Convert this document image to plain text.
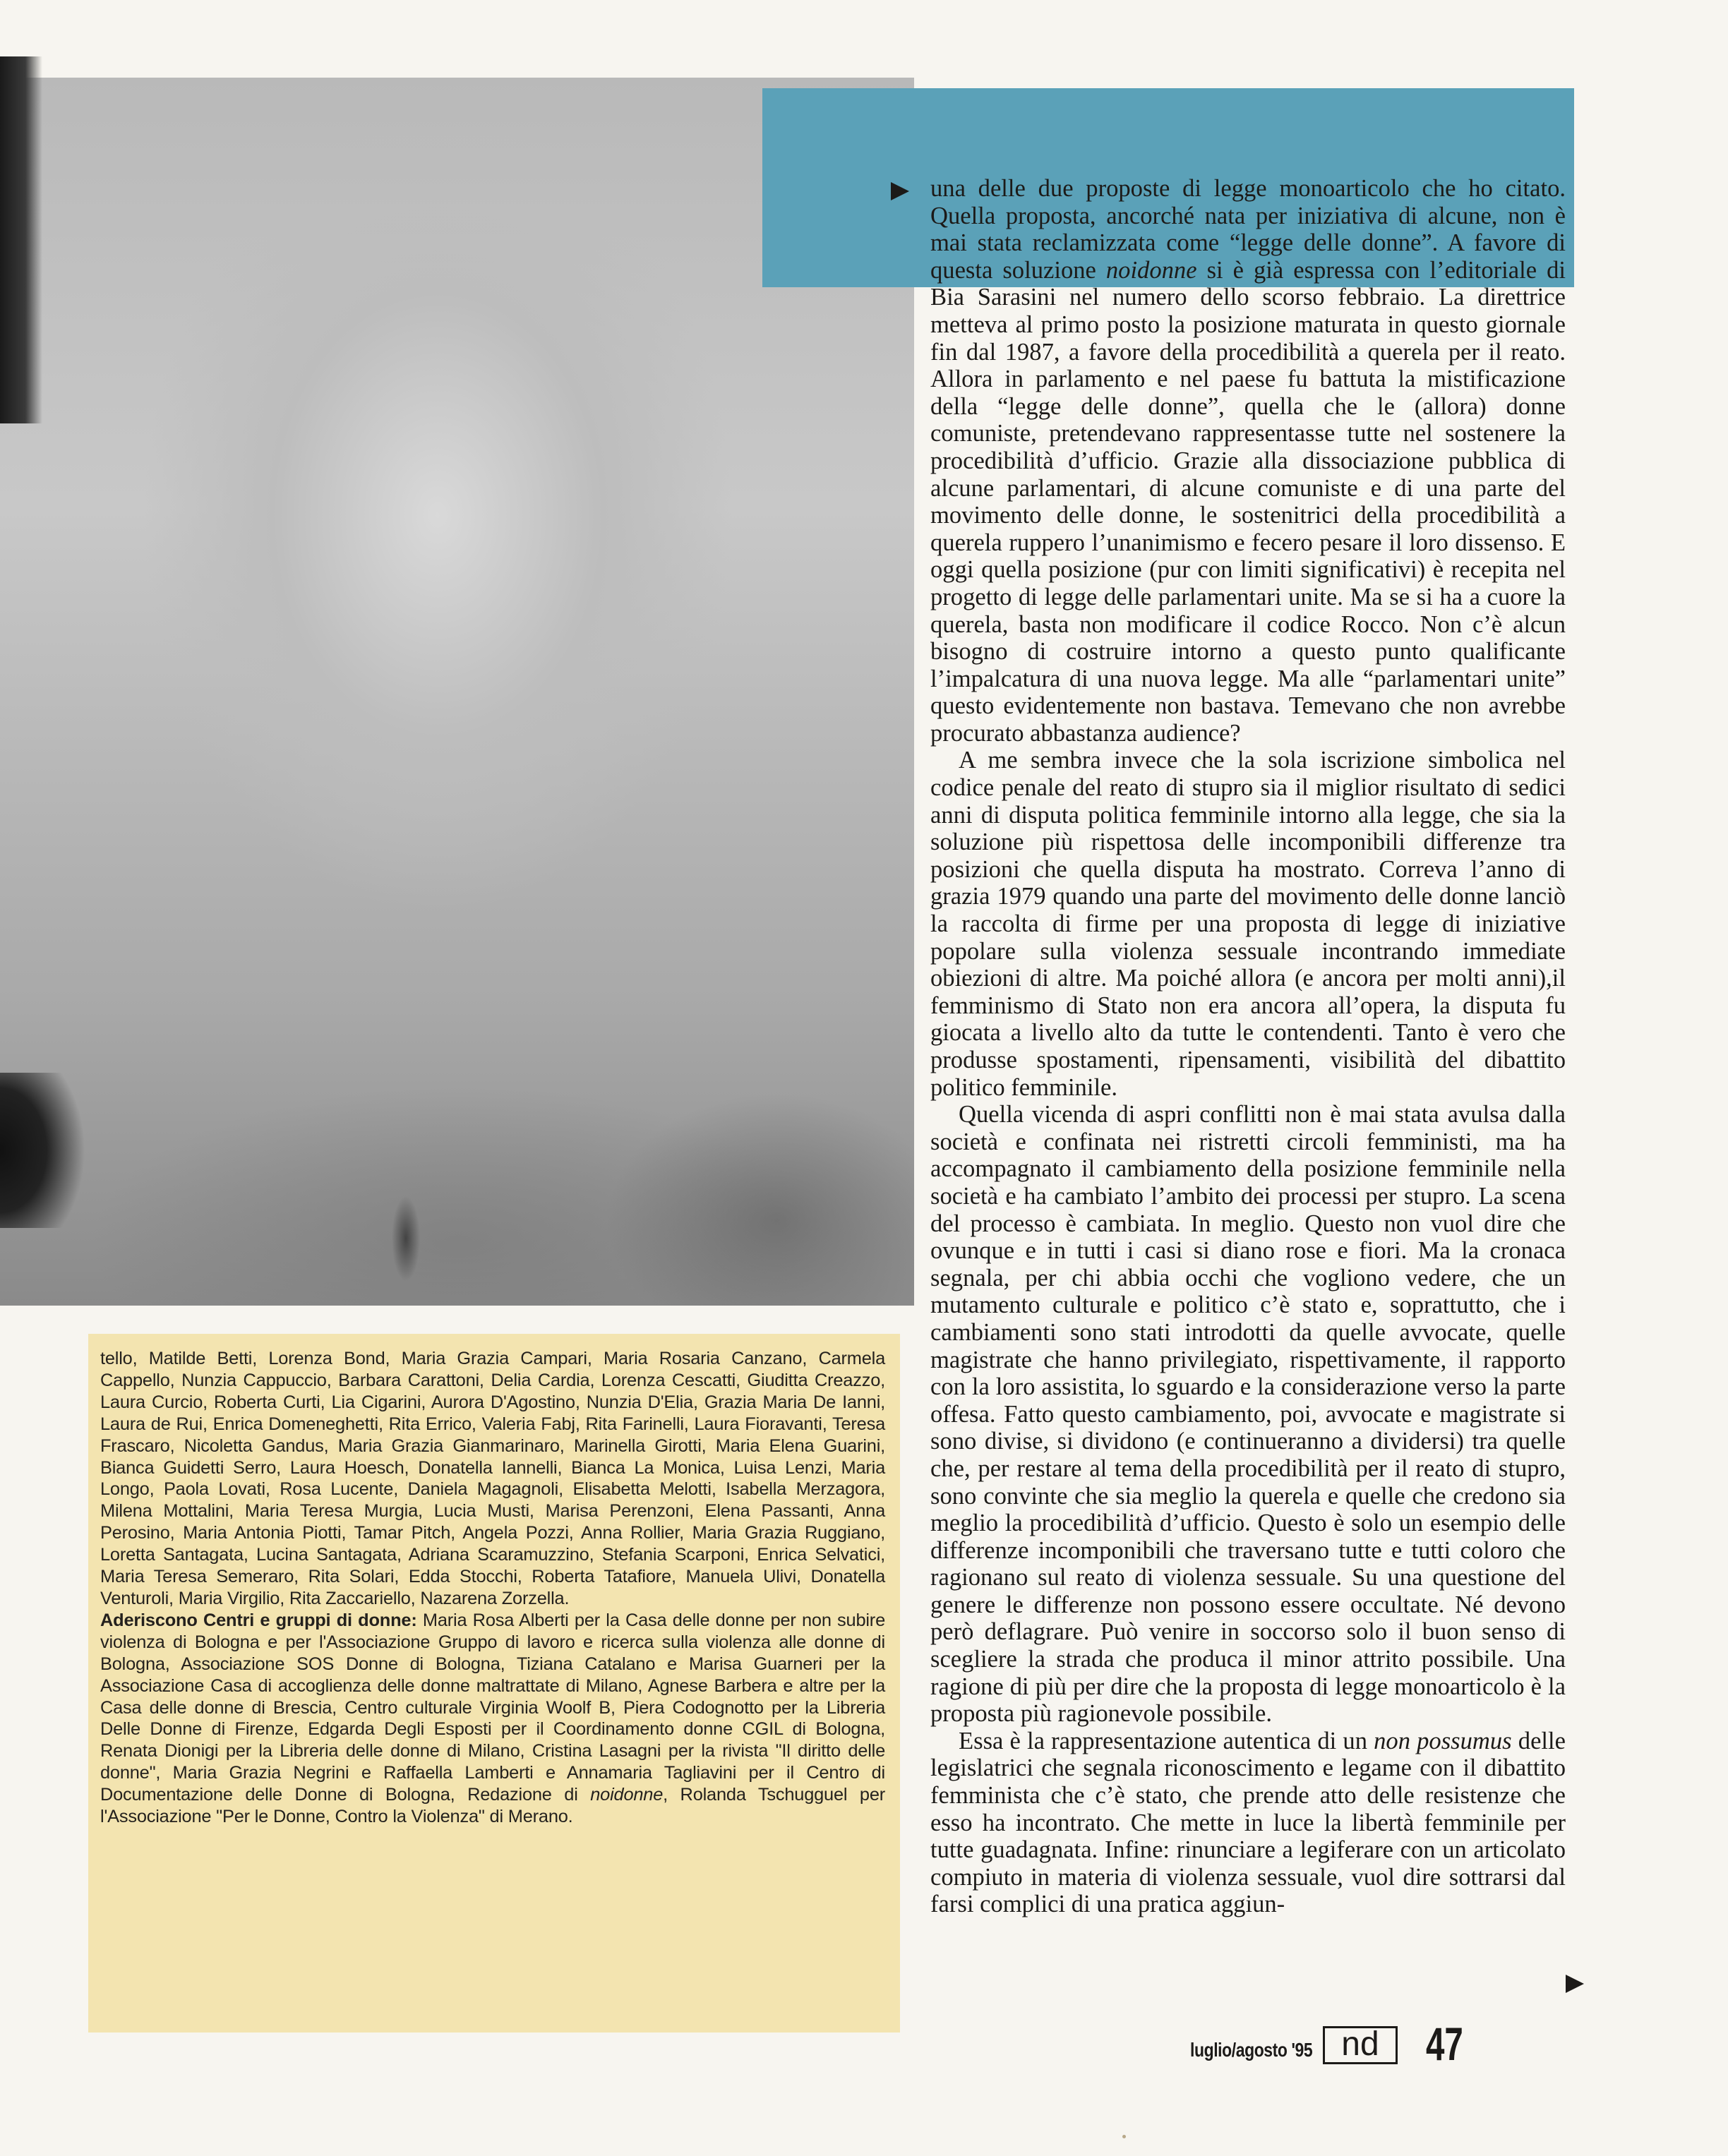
una delle due proposte di legge monoarticolo che ho citato. Quella proposta, ancorché nata per iniziativa di alcune, non è mai stata reclamizzata come “legge delle donne”. A favore di questa soluzione noidonne si è già espressa con l’editoriale di Bia Sarasini nel numero dello scorso febbraio. La direttrice metteva al primo posto la posizione maturata in questo giornale fin dal 1987, a favore della procedibilità a querela per il reato. Allora in parlamento e nel paese fu battuta la mistificazione della “legge delle donne”, quella che le (allora) donne comuniste, pretendevano rappresentasse tutte nel sostenere la procedibilità d’ufficio. Grazie alla dissociazione pubblica di alcune parlamentari, di alcune comuniste e di una parte del movimento delle donne, le sostenitrici della procedibilità a querela ruppero l’unanimismo e fecero pesare il loro dissenso. E oggi quella posizione (pur con limiti significativi) è recepita nel progetto di legge delle parlamentari unite. Ma se si ha a cuore la querela, basta non modificare il codice Rocco. Non c’è alcun bisogno di costruire intorno a questo punto qualificante l’impalcatura di una nuova legge. Ma alle “parlamentari unite” questo evidentemente non bastava. Temevano che non avrebbe procurato abbastanza audience?

A me sembra invece che la sola iscrizione simbolica nel codice penale del reato di stupro sia il miglior risultato di sedici anni di disputa politica femminile intorno alla legge, che sia la soluzione più rispettosa delle incomponibili differenze tra posizioni che quella disputa ha mostrato. Correva l’anno di grazia 1979 quando una parte del movimento delle donne lanciò la raccolta di firme per una proposta di legge di iniziative popolare sulla violenza sessuale incontrando immediate obiezioni di altre. Ma poiché allora (e ancora per molti anni),il femminismo di Stato non era ancora all’opera, la disputa fu giocata a livello alto da tutte le contendenti. Tanto è vero che produsse spostamenti, ripensamenti, visibilità del dibattito politico femminile.

Quella vicenda di aspri conflitti non è mai stata avulsa dalla società e confinata nei ristretti circoli femministi, ma ha accompagnato il cambiamento della posizione femminile nella società e ha cambiato l’ambito dei processi per stupro. La scena del processo è cambiata. In meglio. Questo non vuol dire che ovunque e in tutti i casi si diano rose e fiori. Ma la cronaca segnala, per chi abbia occhi che vogliono vedere, che un mutamento culturale e politico c’è stato e, soprattutto, che i cambiamenti sono stati introdotti da quelle avvocate, quelle magistrate che hanno privilegiato, rispettivamente, il rapporto con la loro assistita, lo sguardo e la considerazione verso la parte offesa. Fatto questo cambiamento, poi, avvocate e magistrate si sono divise, si dividono (e continueranno a dividersi) tra quelle che, per restare al tema della procedibilità per il reato di stupro, sono convinte che sia meglio la querela e quelle che credono sia meglio la procedibilità d’ufficio. Questo è solo un esempio delle differenze incomponibili che traversano tutte e tutti coloro che ragionano sul reato di violenza sessuale. Su una questione del genere le differenze non possono essere occultate. Né devono però deflagrare. Può venire in soccorso solo il buon senso di scegliere la strada che produca il minor attrito possibile. Una ragione di più per dire che la proposta di legge monoarticolo è la proposta più ragionevole possibile.

Essa è la rappresentazione autentica di un non possumus delle legislatrici che segnala riconoscimento e legame con il dibattito femminista che c’è stato, che prende atto delle resistenze che esso ha incontrato. Che mette in luce la libertà femminile per tutte guadagnata. Infine: rinunciare a legiferare con un articolato compiuto in materia di violenza sessuale, vuol dire sottrarsi dal farsi complici di una pratica aggiun-

tello, Matilde Betti, Lorenza Bond, Maria Grazia Campari, Maria Rosaria Canzano, Carmela Cappello, Nunzia Cappuccio, Barbara Carattoni, Delia Cardia, Lorenza Cescatti, Giuditta Creazzo, Laura Curcio, Roberta Curti, Lia Cigarini, Aurora D'Agostino, Nunzia D'Elia, Grazia Maria De Ianni, Laura de Rui, Enrica Domeneghetti, Rita Errico, Valeria Fabj, Rita Farinelli, Laura Fioravanti, Teresa Frascaro, Nicoletta Gandus, Maria Grazia Gianmarinaro, Marinella Girotti, Maria Elena Guarini, Bianca Guidetti Serro, Laura Hoesch, Donatella Iannelli, Bianca La Monica, Luisa Lenzi, Maria Longo, Paola Lovati, Rosa Lucente, Daniela Magagnoli, Elisabetta Melotti, Isabella Merzagora, Milena Mottalini, Maria Teresa Murgia, Lucia Musti, Marisa Perenzoni, Elena Passanti, Anna Perosino, Maria Antonia Piotti, Tamar Pitch, Angela Pozzi, Anna Rollier, Maria Grazia Ruggiano, Loretta Santagata, Lucina Santagata, Adriana Scaramuzzino, Stefania Scarponi, Enrica Selvatici, Maria Teresa Semeraro, Rita Solari, Edda Stocchi, Roberta Tatafiore, Manuela Ulivi, Donatella Venturoli, Maria Virgilio, Rita Zaccariello, Nazarena Zorzella.
Aderiscono Centri e gruppi di donne: Maria Rosa Alberti per la Casa delle donne per non subire violenza di Bologna e per l'Associazione Gruppo di lavoro e ricerca sulla violenza alle donne di Bologna, Associazione SOS Donne di Bologna, Tiziana Catalano e Marisa Guarneri per la Associazione Casa di accoglienza delle donne maltrattate di Milano, Agnese Barbera e altre per la Casa delle donne di Brescia, Centro culturale Virginia Woolf B, Piera Codognotto per la Libreria Delle Donne di Firenze, Edgarda Degli Esposti per il Coordinamento donne CGIL di Bologna, Renata Dionigi per la Libreria delle donne di Milano, Cristina Lasagni per la rivista "Il diritto delle donne", Maria Grazia Negrini e Raffaella Lamberti e Annamaria Tagliavini per il Centro di Documentazione delle Donne di Bologna, Redazione di noidonne, Rolanda Tschuggue​l per l'Associazione "Per le Donne, Contro la Violenza" di Merano.
luglio/agosto '95 nd	47
